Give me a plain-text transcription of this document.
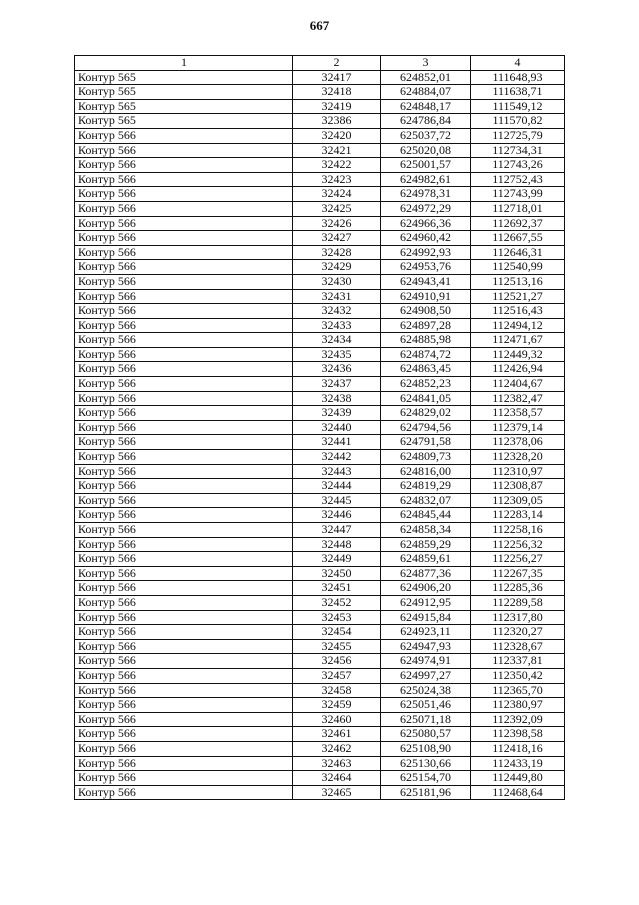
667
1	2	3	4
Контур 565	32417	624852,01	111648,93
Контур 565	32418	624884,07	111638,71
Контур 565	32419	624848,17	111549,12
Контур 565	32386	624786,84	111570,82
Контур 566	32420	625037,72	112725,79
Контур 566	32421	625020,08	112734,31
Контур 566	32422	625001,57	112743,26
Контур 566	32423	624982,61	112752,43
Контур 566	32424	624978,31	112743,99
Контур 566	32425	624972,29	112718,01
Контур 566	32426	624966,36	112692,37
Контур 566	32427	624960,42	112667,55
Контур 566	32428	624992,93	112646,31
Контур 566	32429	624953,76	112540,99
Контур 566	32430	624943,41	112513,16
Контур 566	32431	624910,91	112521,27
Контур 566	32432	624908,50	112516,43
Контур 566	32433	624897,28	112494,12
Контур 566	32434	624885,98	112471,67
Контур 566	32435	624874,72	112449,32
Контур 566	32436	624863,45	112426,94
Контур 566	32437	624852,23	112404,67
Контур 566	32438	624841,05	112382,47
Контур 566	32439	624829,02	112358,57
Контур 566	32440	624794,56	112379,14
Контур 566	32441	624791,58	112378,06
Контур 566	32442	624809,73	112328,20
Контур 566	32443	624816,00	112310,97
Контур 566	32444	624819,29	112308,87
Контур 566	32445	624832,07	112309,05
Контур 566	32446	624845,44	112283,14
Контур 566	32447	624858,34	112258,16
Контур 566	32448	624859,29	112256,32
Контур 566	32449	624859,61	112256,27
Контур 566	32450	624877,36	112267,35
Контур 566	32451	624906,20	112285,36
Контур 566	32452	624912,95	112289,58
Контур 566	32453	624915,84	112317,80
Контур 566	32454	624923,11	112320,27
Контур 566	32455	624947,93	112328,67
Контур 566	32456	624974,91	112337,81
Контур 566	32457	624997,27	112350,42
Контур 566	32458	625024,38	112365,70
Контур 566	32459	625051,46	112380,97
Контур 566	32460	625071,18	112392,09
Контур 566	32461	625080,57	112398,58
Контур 566	32462	625108,90	112418,16
Контур 566	32463	625130,66	112433,19
Контур 566	32464	625154,70	112449,80
Контур 566	32465	625181,96	112468,64
